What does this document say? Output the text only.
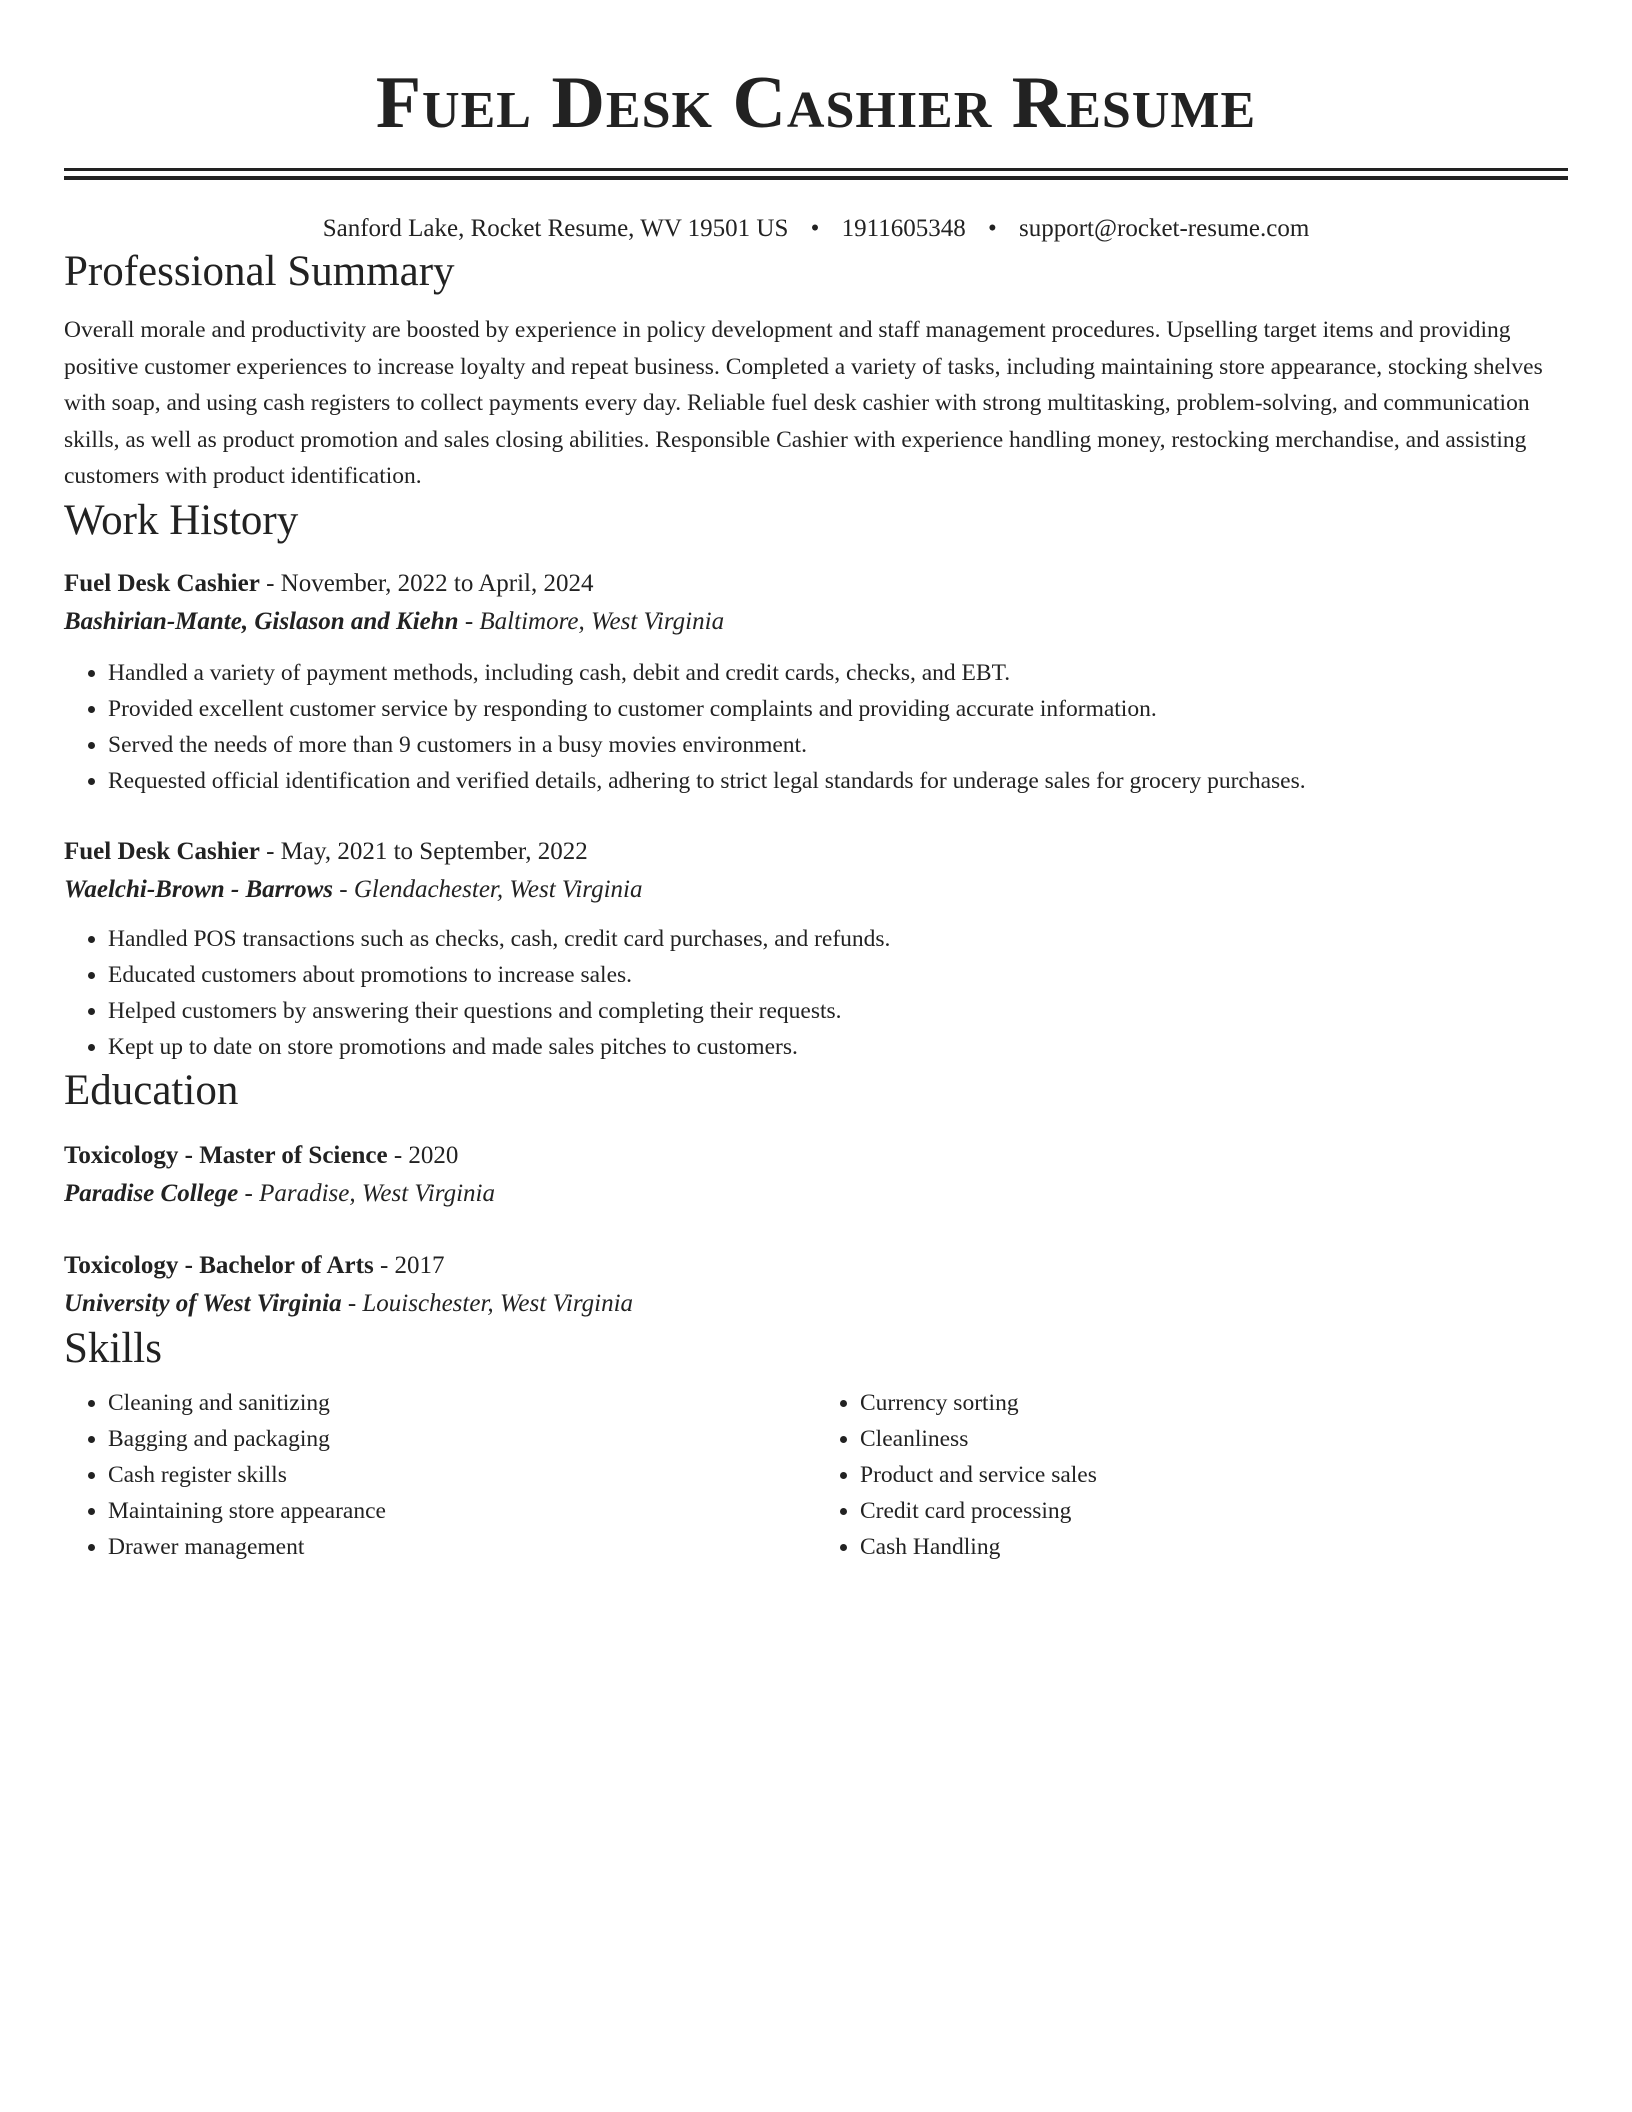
Fuel Desk Cashier Resume
Sanford Lake, Rocket Resume, WV 19501 US • 1911605348 • support@rocket-resume.com
Professional Summary
Overall morale and productivity are boosted by experience in policy development and staff management procedures. Upselling target items and providing positive customer experiences to increase loyalty and repeat business. Completed a variety of tasks, including maintaining store appearance, stocking shelves with soap, and using cash registers to collect payments every day. Reliable fuel desk cashier with strong multitasking, problem-solving, and communication skills, as well as product promotion and sales closing abilities. Responsible Cashier with experience handling money, restocking merchandise, and assisting customers with product identification.
Work History
Fuel Desk Cashier - November, 2022 to April, 2024
Bashirian-Mante, Gislason and Kiehn - Baltimore, West Virginia
• Handled a variety of payment methods, including cash, debit and credit cards, checks, and EBT.
• Provided excellent customer service by responding to customer complaints and providing accurate information.
• Served the needs of more than 9 customers in a busy movies environment.
• Requested official identification and verified details, adhering to strict legal standards for underage sales for grocery purchases.
Fuel Desk Cashier - May, 2021 to September, 2022
Waelchi-Brown - Barrows - Glendachester, West Virginia
• Handled POS transactions such as checks, cash, credit card purchases, and refunds.
• Educated customers about promotions to increase sales.
• Helped customers by answering their questions and completing their requests.
• Kept up to date on store promotions and made sales pitches to customers.
Education
Toxicology - Master of Science - 2020
Paradise College - Paradise, West Virginia
Toxicology - Bachelor of Arts - 2017
University of West Virginia - Louischester, West Virginia
Skills
• Cleaning and sanitizing
• Bagging and packaging
• Cash register skills
• Maintaining store appearance
• Drawer management
• Currency sorting
• Cleanliness
• Product and service sales
• Credit card processing
• Cash Handling
